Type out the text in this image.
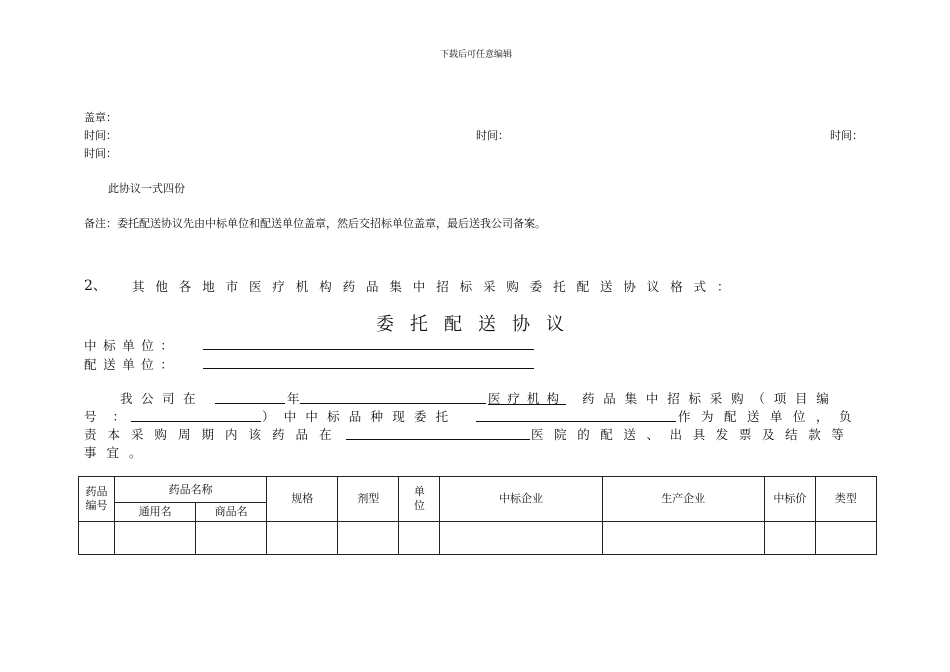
下载后可任意编辑
盖章：
时间：	时间：	时间：
时间：
此协议一式四份
备注：委托配送协议先由中标单位和配送单位盖章，然后交招标单位盖章，最后送我公司备案。
2、 其他各地市医疗机构药品集中招标采购委托配送协议格式：
委托配送协议
中标单位：
配送单位：
我公司在	年	医疗机构 药品集中招标采购（项目编
号：	）中中标品种现委托	作为配送单位，负
责本采购周期内该药品在	医院的配送、出具发票及结款等
事宜。
药品编号	药品名称		规格	剂型	单位	中标企业	生产企业	中标价	类型
	通用名	商品名							
